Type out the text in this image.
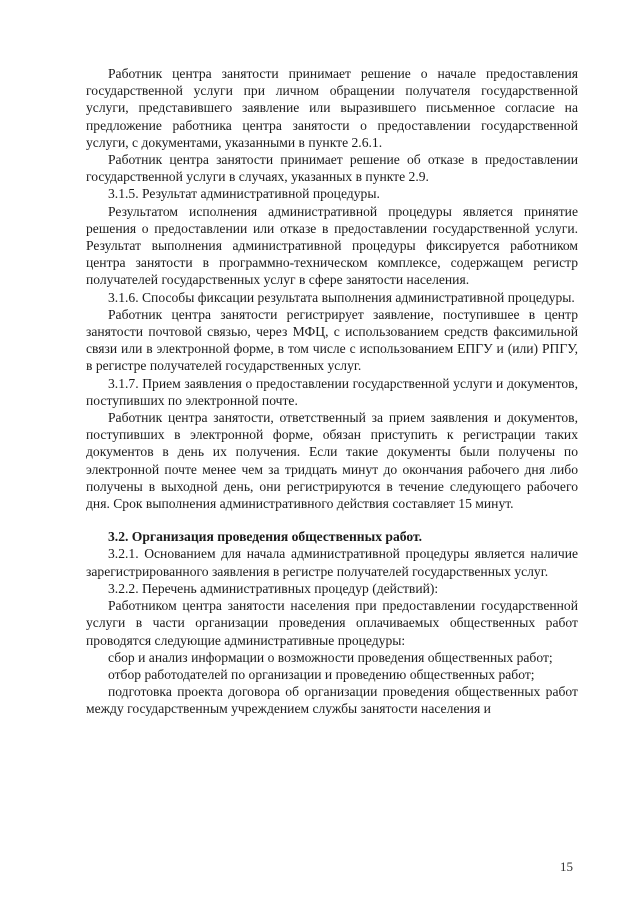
Работник центра занятости принимает решение о начале предоставления государственной услуги при личном обращении получателя государственной услуги, представившего заявление или выразившего письменное согласие на предложение работника центра занятости о предоставлении государственной услуги, с документами, указанными в пункте 2.6.1.

Работник центра занятости принимает решение об отказе в предоставлении государственной услуги в случаях, указанных в пункте 2.9.

3.1.5. Результат административной процедуры.

Результатом исполнения административной процедуры является принятие решения о предоставлении или отказе в предоставлении государственной услуги. Результат выполнения административной процедуры фиксируется работником центра занятости в программно-техническом комплексе, содержащем регистр получателей государственных услуг в сфере занятости населения.

3.1.6. Способы фиксации результата выполнения административной процедуры.

Работник центра занятости регистрирует заявление, поступившее в центр занятости почтовой связью, через МФЦ, с использованием средств факсимильной связи или в электронной форме, в том числе с использованием ЕПГУ и (или) РПГУ, в регистре получателей государственных услуг.

3.1.7. Прием заявления о предоставлении государственной услуги и документов, поступивших по электронной почте.

Работник центра занятости, ответственный за прием заявления и документов, поступивших в электронной форме, обязан приступить к регистрации таких документов в день их получения. Если такие документы были получены по электронной почте менее чем за тридцать минут до окончания рабочего дня либо получены в выходной день, они регистрируются в течение следующего рабочего дня. Срок выполнения административного действия составляет 15 минут.

3.2. Организация проведения общественных работ.

3.2.1. Основанием для начала административной процедуры является наличие зарегистрированного заявления в регистре получателей государственных услуг.

3.2.2. Перечень административных процедур (действий):

Работником центра занятости населения при предоставлении государственной услуги в части организации проведения оплачиваемых общественных работ проводятся следующие административные процедуры:

сбор и анализ информации о возможности проведения общественных работ;

отбор работодателей по организации и проведению общественных работ;

подготовка проекта договора об организации проведения общественных работ между государственным учреждением службы занятости населения и

15
